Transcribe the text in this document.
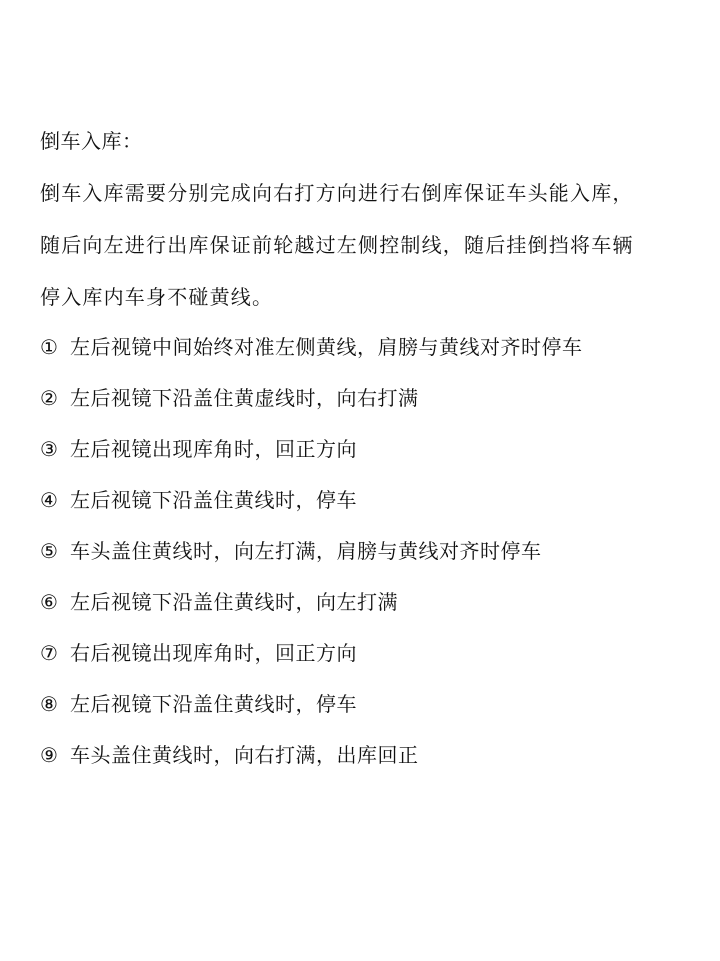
倒车入库：
倒车入库需要分别完成向右打方向进行右倒库保证车头能入库，
随后向左进行出库保证前轮越过左侧控制线，随后挂倒挡将车辆
停入库内车身不碰黄线。
① 左后视镜中间始终对准左侧黄线，肩膀与黄线对齐时停车
② 左后视镜下沿盖住黄虚线时，向右打满
③ 左后视镜出现库角时，回正方向
④ 左后视镜下沿盖住黄线时，停车
⑤ 车头盖住黄线时，向左打满，肩膀与黄线对齐时停车
⑥ 左后视镜下沿盖住黄线时，向左打满
⑦ 右后视镜出现库角时，回正方向
⑧ 左后视镜下沿盖住黄线时，停车
⑨ 车头盖住黄线时，向右打满，出库回正
